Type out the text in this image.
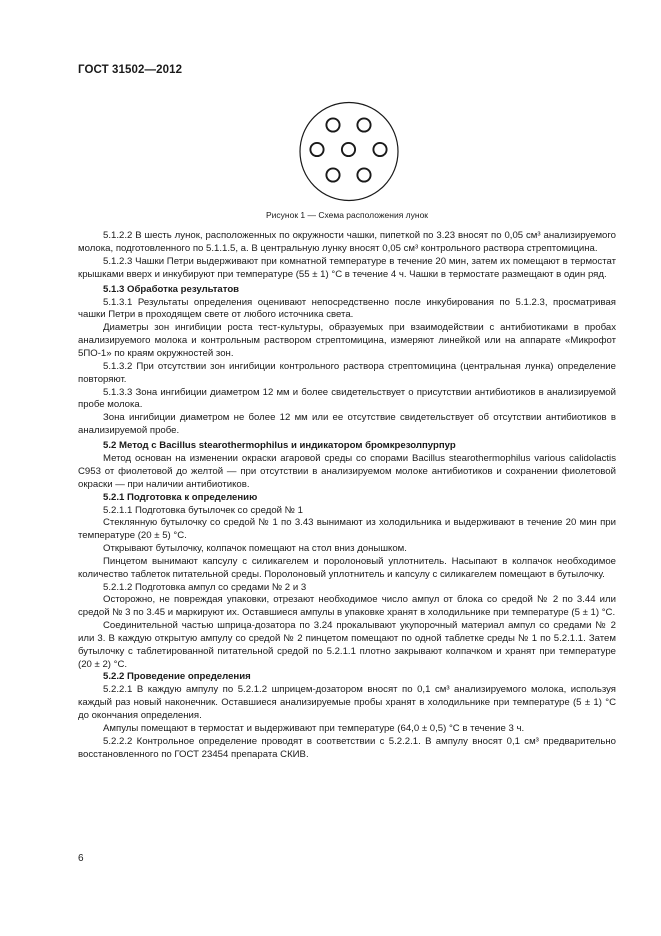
ГОСТ 31502—2012
Рисунок 1 — Схема расположения лунок

5.1.2.2 В шесть лунок, расположенных по окружности чашки, пипеткой по 3.23 вносят по 0,05 см³ анализируемого молока, подготовленного по 5.1.1.5, а. В центральную лунку вносят 0,05 см³ контрольного раствора стрептомицина.

5.1.2.3 Чашки Петри выдерживают при комнатной температуре в течение 20 мин, затем их помещают в термостат крышками вверх и инкубируют при температуре (55 ± 1) °С в течение 4 ч. Чашки в термостате размещают в один ряд.

5.1.3 Обработка результатов

5.1.3.1 Результаты определения оценивают непосредственно после инкубирования по 5.1.2.3, просматривая чашки Петри в проходящем свете от любого источника света.

Диаметры зон ингибиции роста тест-культуры, образуемых при взаимодействии с антибиотиками в пробах анализируемого молока и контрольным раствором стрептомицина, измеряют линейкой или на аппарате «Микрофот 5ПО-1» по краям окружностей зон.

5.1.3.2 При отсутствии зон ингибиции контрольного раствора стрептомицина (центральная лунка) определение повторяют.

5.1.3.3 Зона ингибиции диаметром 12 мм и более свидетельствует о присутствии антибиотиков в анализируемой пробе молока.

Зона ингибиции диаметром не более 12 мм или ее отсутствие свидетельствует об отсутствии антибиотиков в анализируемой пробе.

5.2 Метод с Bacillus stearothermophilus и индикатором бромкрезолпурпур

Метод основан на изменении окраски агаровой среды со спорами Bacillus stearothermophilus various calidolactis С953 от фиолетовой до желтой — при отсутствии в анализируемом молоке антибиотиков и сохранении фиолетовой окраски — при наличии антибиотиков.

5.2.1 Подготовка к определению

5.2.1.1 Подготовка бутылочек со средой № 1

Стеклянную бутылочку со средой № 1 по 3.43 вынимают из холодильника и выдерживают в течение 20 мин при температуре (20 ± 5) °С.

Открывают бутылочку, колпачок помещают на стол вниз донышком.

Пинцетом вынимают капсулу с силикагелем и поролоновый уплотнитель. Насыпают в колпачок необходимое количество таблеток питательной среды. Поролоновый уплотнитель и капсулу с силикагелем помещают в бутылочку.

5.2.1.2 Подготовка ампул со средами № 2 и 3

Осторожно, не повреждая упаковки, отрезают необходимое число ампул от блока со средой № 2 по 3.44 или средой № 3 по 3.45 и маркируют их. Оставшиеся ампулы в упаковке хранят в холодильнике при температуре (5 ± 1) °С.

Соединительной частью шприца-дозатора по 3.24 прокалывают укупорочный материал ампул со средами № 2 или 3. В каждую открытую ампулу со средой № 2 пинцетом помещают по одной таблетке среды № 1 по 5.2.1.1. Затем бутылочку с таблетированной питательной средой по 5.2.1.1 плотно закрывают колпачком и хранят при температуре (20 ± 2) °С.

5.2.2 Проведение определения

5.2.2.1 В каждую ампулу по 5.2.1.2 шприцем-дозатором вносят по 0,1 см³ анализируемого молока, используя каждый раз новый наконечник. Оставшиеся анализируемые пробы хранят в холодильнике при температуре (5 ± 1) °С до окончания определения.

Ампулы помещают в термостат и выдерживают при температуре (64,0 ± 0,5) °С в течение 3 ч.

5.2.2.2 Контрольное определение проводят в соответствии с 5.2.2.1. В ампулу вносят 0,1 см³ предварительно восстановленного по ГОСТ 23454 препарата СКИВ.

6
